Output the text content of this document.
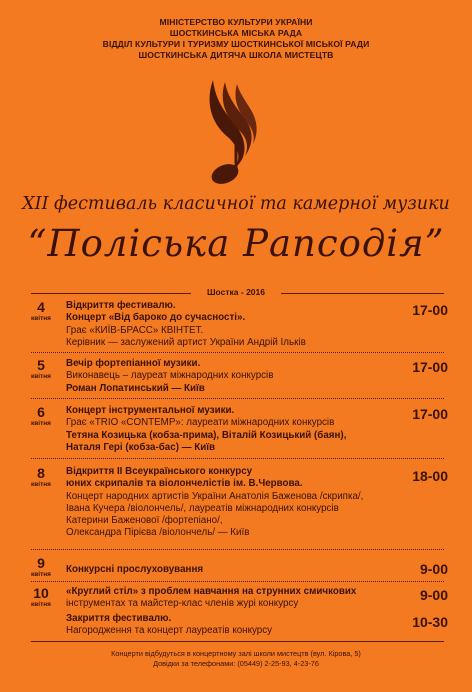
МІНІСТЕРСТВО КУЛЬТУРИ УКРАЇНИ
ШОСТКИНСЬКА МІСЬКА РАДА
ВІДДІЛ КУЛЬТУРИ І ТУРИЗМУ ШОСТКИНСЬКОЇ МІСЬКОЇ РАДИ
ШОСТКИНСЬКА ДИТЯЧА ШКОЛА МИСТЕЦТВ
XII фестиваль класичної та камерної музики
“Поліська Рапсодія”
Шостка - 2016
4
квітня
Відкриття фестивалю.
Концерт «Від бароко до сучасності».
Грає «КИЇВ-БРАСС» КВІНТЕТ.
Керівник — заслужений артист України Андрій Ільків
17-00
5
квітня
Вечір фортепіанної музики.
Виконавець – лауреат міжнародних конкурсів
Роман Лопатинський — Київ
17-00
6
квітня
Концерт інструментальної музики.
Грає «TRIO «CONTEMP»: лауреати міжнародних конкурсів
Тетяна Козицька (кобза-прима), Віталій Козицький (баян),
Наталя Гері (кобза-бас) — Київ
17-00
8
квітня
Відкриття ІІ Всеукраїнського конкурсу
юних скрипалів та віолончелістів ім. В.Червова.
Концерт народних артистів України Анатолія Баженова /скрипка/,
Івана Кучера /віолончель/, лауреатів міжнародних конкурсів
Катерини Баженової /фортепіано/,
Олександра Пірієва /віолончель/ — Київ
18-00
9
квітня	Конкурсні прослуховування	9-00
10
квітня
«Круглий стіл» з проблем навчання на струнних смичкових
інструментах та майстер-клас членів журі конкурсу
Закриття фестивалю.
Нагородження та концерт лауреатів конкурсу
9-00
10-30
Концерти відбудуться в концертному залі школи мистецтв (вул. Кірова, 5)
Довідки за телефонами: (05449) 2-25-93, 4-23-76
